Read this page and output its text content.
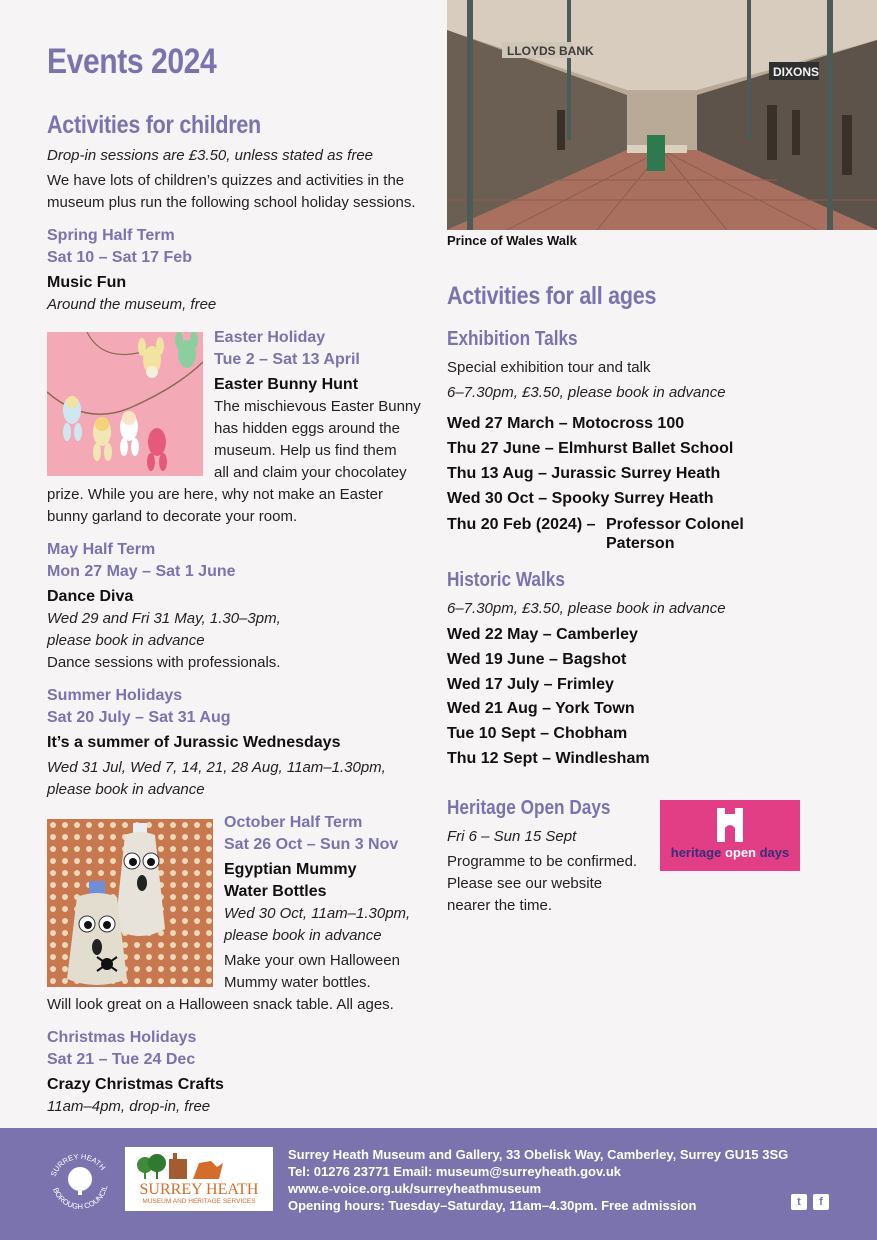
Events 2024
Activities for children
Drop-in sessions are £3.50, unless stated as free
We have lots of children’s quizzes and activities in the
museum plus run the following school holiday sessions.
Spring Half Term
Sat 10 – Sat 17 Feb
Music Fun
Around the museum, free
Easter Holiday
Tue 2 – Sat 13 April
Easter Bunny Hunt
The mischievous Easter Bunny
has hidden eggs around the
museum. Help us find them
all and claim your chocolatey
prize. While you are here, why not make an Easter
bunny garland to decorate your room.
May Half Term
Mon 27 May – Sat 1 June
Dance Diva
Wed 29 and Fri 31 May, 1.30–3pm,
please book in advance
Dance sessions with professionals.
Summer Holidays
Sat 20 July – Sat 31 Aug
It’s a summer of Jurassic Wednesdays
Wed 31 Jul, Wed 7, 14, 21, 28 Aug, 11am–1.30pm,
please book in advance
October Half Term
Sat 26 Oct – Sun 3 Nov
Egyptian Mummy
Water Bottles
Wed 30 Oct, 11am–1.30pm,
please book in advance
Make your own Halloween
Mummy water bottles.
Will look great on a Halloween snack table. All ages.
Christmas Holidays
Sat 21 – Tue 24 Dec
Crazy Christmas Crafts
11am–4pm, drop-in, free
LLOYDS BANK
DIXONS
Prince of Wales Walk
Activities for all ages
Exhibition Talks
Special exhibition tour and talk
6–7.30pm, £3.50, please book in advance
Wed 27 March – Motocross 100
Thu 27 June – Elmhurst Ballet School
Thu 13 Aug – Jurassic Surrey Heath
Wed 30 Oct – Spooky Surrey Heath
Thu 20 Feb (2024) – Professor Colonel
Paterson
Historic Walks
6–7.30pm, £3.50, please book in advance
Wed 22 May – Camberley
Wed 19 June – Bagshot
Wed 17 July – Frimley
Wed 21 Aug – York Town
Tue 10 Sept – Chobham
Thu 12 Sept – Windlesham
Heritage Open Days
Fri 6 – Sun 15 Sept
Programme to be confirmed.
Please see our website
nearer the time.
heritage open days
SURREY HEATH
BOROUGH COUNCIL	SURREY HEATH
MUSEUM AND HERITAGE SERVICES
Surrey Heath Museum and Gallery, 33 Obelisk Way, Camberley, Surrey GU15 3SG
Tel: 01276 23771 Email: museum@surreyheath.gov.uk
www.e-voice.org.uk/surreyheathmuseum
Opening hours: Tuesday–Saturday, 11am–4.30pm. Free admission	t	f
